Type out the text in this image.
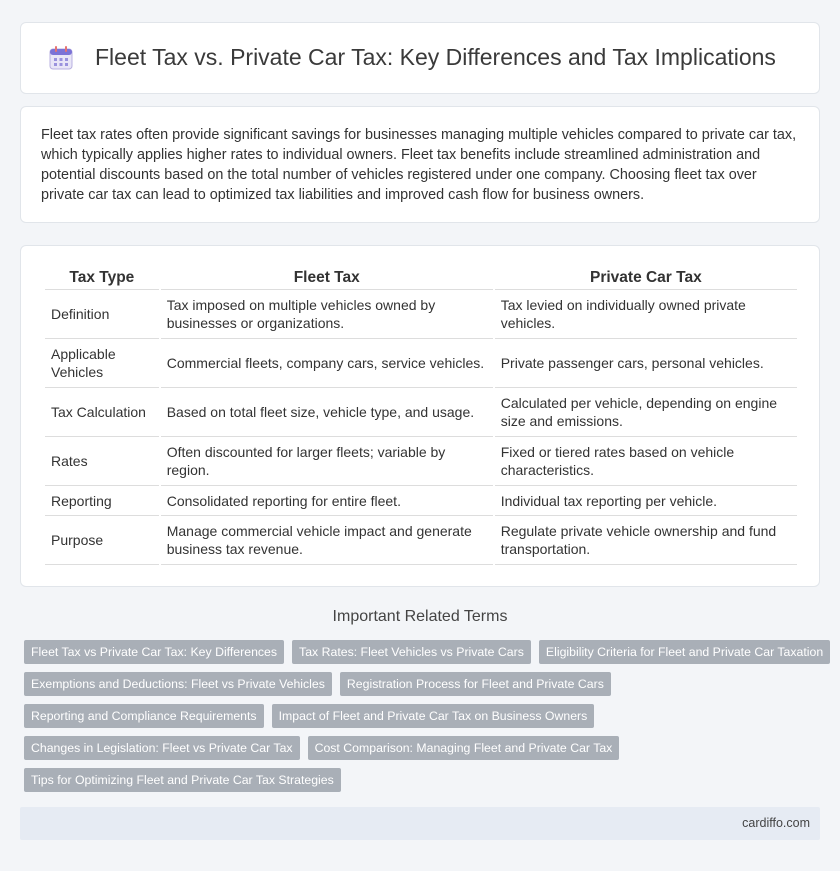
Fleet Tax vs. Private Car Tax: Key Differences and Tax Implications

Fleet tax rates often provide significant savings for businesses managing multiple vehicles compared to private car tax, which typically applies higher rates to individual owners. Fleet tax benefits include streamlined administration and potential discounts based on the total number of vehicles registered under one company. Choosing fleet tax over private car tax can lead to optimized tax liabilities and improved cash flow for business owners.

Tax Type	Fleet Tax	Private Car Tax
Definition	Tax imposed on multiple vehicles owned by businesses or organizations.	Tax levied on individually owned private vehicles.
Applicable Vehicles	Commercial fleets, company cars, service vehicles.	Private passenger cars, personal vehicles.
Tax Calculation	Based on total fleet size, vehicle type, and usage.	Calculated per vehicle, depending on engine size and emissions.
Rates	Often discounted for larger fleets; variable by region.	Fixed or tiered rates based on vehicle characteristics.
Reporting	Consolidated reporting for entire fleet.	Individual tax reporting per vehicle.
Purpose	Manage commercial vehicle impact and generate business tax revenue.	Regulate private vehicle ownership and fund transportation.
Important Related Terms
Fleet Tax vs Private Car Tax: Key Differences	Tax Rates: Fleet Vehicles vs Private Cars	Eligibility Criteria for Fleet and Private Car Taxation
Exemptions and Deductions: Fleet vs Private Vehicles	Registration Process for Fleet and Private Cars
Reporting and Compliance Requirements	Impact of Fleet and Private Car Tax on Business Owners
Changes in Legislation: Fleet vs Private Car Tax	Cost Comparison: Managing Fleet and Private Car Tax
Tips for Optimizing Fleet and Private Car Tax Strategies
cardiffo.com
